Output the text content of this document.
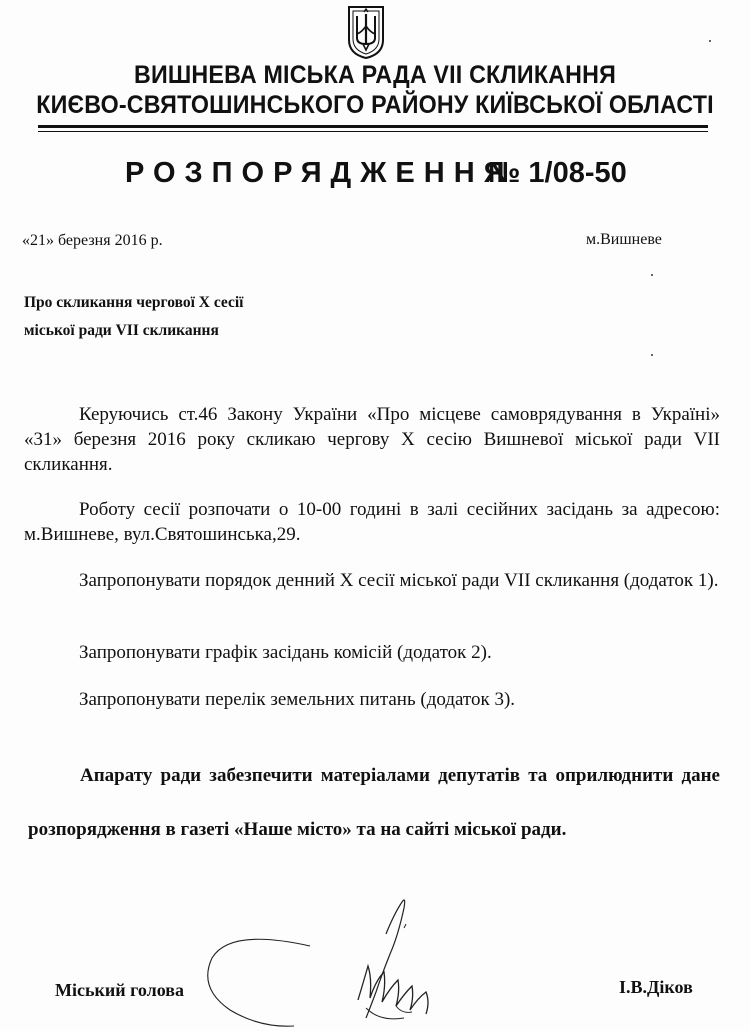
ВИШНЕВА МІСЬКА РАДА VII СКЛИКАННЯ
КИЄВО-СВЯТОШИНСЬКОГО РАЙОНУ КИЇВСЬКОЇ ОБЛАСТІ
РОЗПОРЯДЖЕННЯ
№ 1/08-50
«21» березня 2016 р.	м.Вишневе
Про скликання чергової Х сесії
міської ради VII скликання
Керуючись ст.46 Закону України «Про місцеве самоврядування в Україні» «31» березня 2016 року скликаю чергову Х сесію Вишневої міської ради VII скликання.
Роботу сесії розпочати о 10-00 годині в залі сесійних засідань за адресою: м.Вишневе, вул.Святошинська,29.
Запропонувати порядок денний Х сесії міської ради VII скликання (додаток 1).
Запропонувати графік засідань комісій (додаток 2).
Запропонувати перелік земельних питань (додаток 3).
Апарату ради забезпечити матеріалами депутатів та оприлюднити дане розпорядження в газеті «Наше місто» та на сайті міської ради.
Міський голова	І.В.Діков
